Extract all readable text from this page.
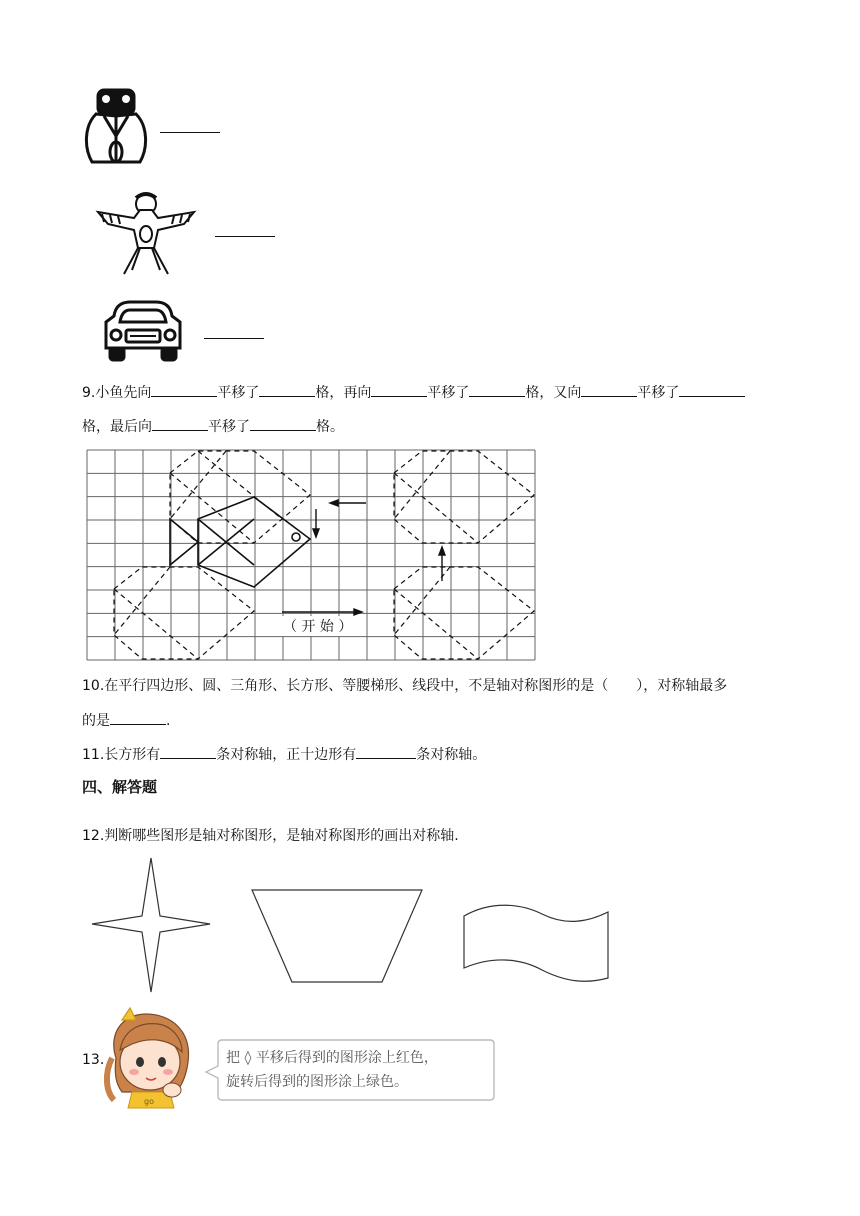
9.小鱼先向	平移了	格，再向	平移了	格，又向	平移了
格，最后向	平移了	格。
（ 开 始 ）
10.在平行四边形、圆、三角形、长方形、等腰梯形、线段中，不是轴对称图形的是（　　），对称轴最多
的是	.
11.长方形有	条对称轴，正十边形有	条对称轴。
四、解答题
12.判断哪些图形是轴对称图形，是轴对称图形的画出对称轴.
13.
go
把 ◊ 平移后得到的图形涂上红色，
旋转后得到的图形涂上绿色。
